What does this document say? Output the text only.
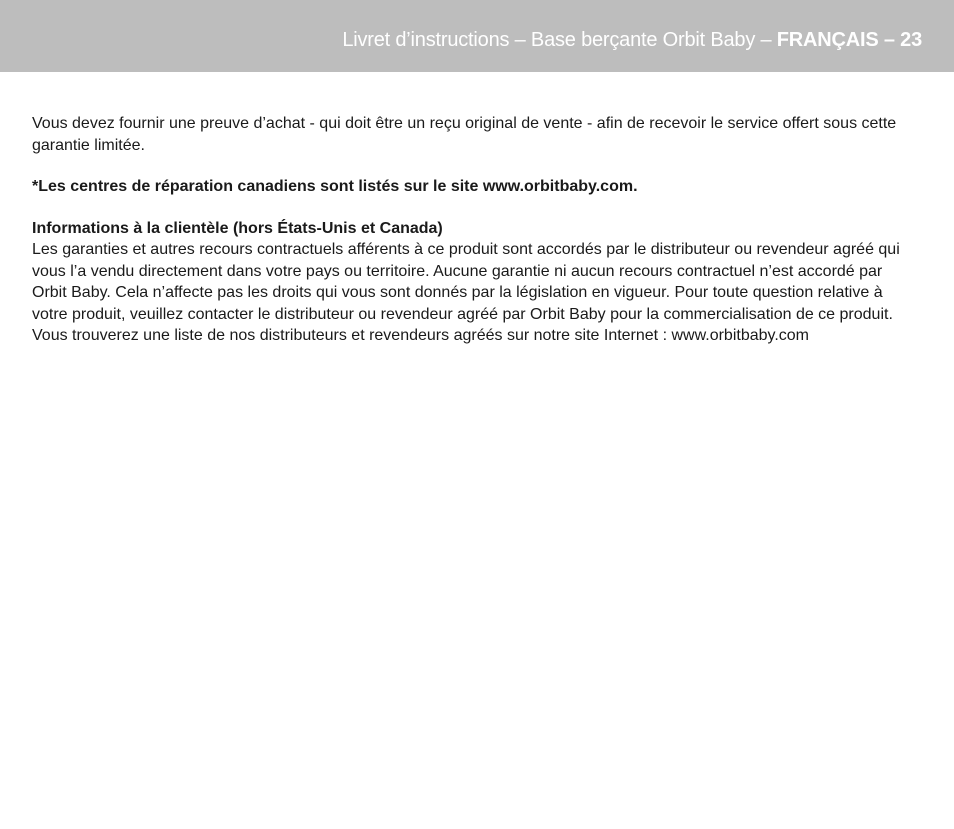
Livret d’instructions – Base berçante Orbit Baby – FRANÇAIS – 23

Vous devez fournir une preuve d’achat - qui doit être un reçu original de vente - afin de recevoir le service offert sous cette garantie limitée.

*Les centres de réparation canadiens sont listés sur le site www.orbitbaby.com.

Informations à la clientèle (hors États-Unis et Canada)

Les garanties et autres recours contractuels afférents à ce produit sont accordés par le distributeur ou revendeur agréé qui vous l’a vendu directement dans votre pays ou territoire. Aucune garantie ni aucun recours contractuel n’est accordé par Orbit Baby. Cela n’affecte pas les droits qui vous sont donnés par la législation en vigueur. Pour toute question relative à votre produit, veuillez contacter le distributeur ou revendeur agréé par Orbit Baby pour la commercialisation de ce produit. Vous trouverez une liste de nos distributeurs et revendeurs agréés sur notre site Internet : www.orbitbaby.com
